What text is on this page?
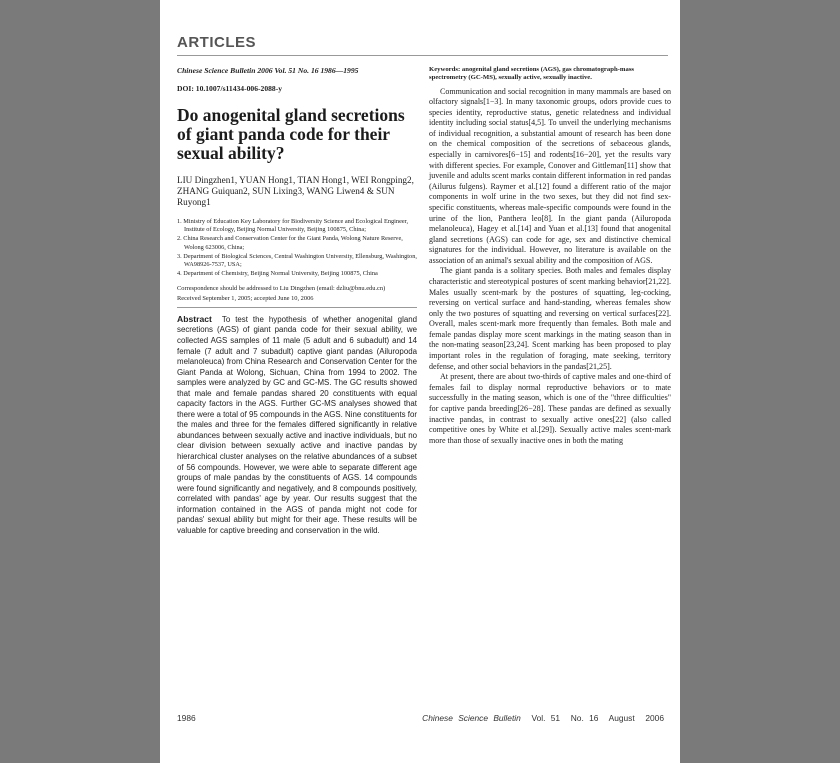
ARTICLES
Chinese Science Bulletin 2006 Vol. 51 No. 16 1986—1995
DOI: 10.1007/s11434-006-2088-y
Do anogenital gland secretions of giant panda code for their sexual ability?
LIU Dingzhen1, YUAN Hong1, TIAN Hong1, WEI Rongping2, ZHANG Guiquan2, SUN Lixing3, WANG Liwen4 & SUN Ruyong1
1. Ministry of Education Key Laboratory for Biodiversity Science and Ecological Engineer, Institute of Ecology, Beijing Normal University, Beijing 100875, China;
2. China Research and Conservation Center for the Giant Panda, Wolong Nature Reserve, Wolong 623006, China;
3. Department of Biological Sciences, Central Washington University, Ellensburg, Washington, WA98926-7537, USA;
4. Department of Chemistry, Beijing Normal University, Beijing 100875, China
Correspondence should be addressed to Liu Dingzhen (email: dzliu@bnu.edu.cn)
Received September 1, 2005; accepted June 10, 2006
Abstract To test the hypothesis of whether anogenital gland secretions (AGS) of giant panda code for their sexual ability, we collected AGS samples of 11 male (5 adult and 6 subadult) and 14 female (7 adult and 7 subadult) captive giant pandas (Ailuropoda melanoleuca) from China Research and Conservation Center for the Giant Panda at Wolong, Sichuan, China from 1994 to 2002. The samples were analyzed by GC and GC-MS. The GC results showed that male and female pandas shared 20 constituents with equal capacity factors in the AGS. Further GC-MS analyses showed that there were a total of 95 compounds in the AGS. Nine constituents for the males and three for the females differed significantly in relative abundances between sexually active and inactive individuals, but no clear division between sexually active and inactive pandas by hierarchical cluster analyses on the relative abundances of a subset of 56 compounds. However, we were able to separate different age groups of male pandas by the constituents of AGS. 14 compounds were found significantly and negatively, and 8 compounds positively, correlated with pandas' age by year. Our results suggest that the information contained in the AGS of panda might not code for pandas' sexual ability but might for their age. These results will be valuable for captive breeding and conservation in the wild.
Keywords: anogenital gland secretions (AGS), gas chromatograph-mass spectrometry (GC-MS), sexually active, sexually inactive.

Communication and social recognition in many mammals are based on olfactory signals[1−3]. In many taxonomic groups, odors provide cues to species identity, reproductive status, genetic relatedness and individual identity including social status[4,5]. To unveil the underlying mechanisms of individual recognition, a substantial amount of research has been done on the chemical composition of the secretions of sebaceous glands, especially in carnivores[6−15] and rodents[16−20], yet the results vary with different species. For example, Conover and Gittleman[11] show that juvenile and adults scent marks contain different information in red pandas (Ailurus fulgens). Raymer et al.[12] found a different ratio of the major components in wolf urine in the two sexes, but they did not find sex-specific constituents, whereas male-specific compounds were found in the urine of the lion, Panthera leo[8]. In the giant panda (Ailuropoda melanoleuca), Hagey et al.[14] and Yuan et al.[13] found that anogenital gland secretions (AGS) can code for age, sex and distinctive chemical signatures for the individual. However, no literature is available on the association of an animal's sexual ability and the composition of AGS.

The giant panda is a solitary species. Both males and females display characteristic and stereotypical postures of scent marking behavior[21,22]. Males usually scent-mark by the postures of squatting, leg-cocking, reversing on vertical surface and hand-standing, whereas females show only the two postures of squatting and reversing on vertical surfaces[22]. Overall, males scent-mark more frequently than females. Both male and female pandas display more scent markings in the mating season than in the non-mating season[23,24]. Scent marking has been proposed to play important roles in the regulation of foraging, mate seeking, territory defense, and other social behaviors in the pandas[21,25].

At present, there are about two-thirds of captive males and one-third of females fail to display normal reproductive behaviors or to mate successfully in the mating season, which is one of the "three difficulties" for captive panda breeding[26−28]. These pandas are defined as sexually inactive pandas, in contrast to sexually active ones[22] (also called competitive ones by White et al.[29]). Sexually active males scent-mark more than those of sexually inactive ones in both the mating

1986	Chinese Science Bulletin Vol. 51 No. 16 August 2006
